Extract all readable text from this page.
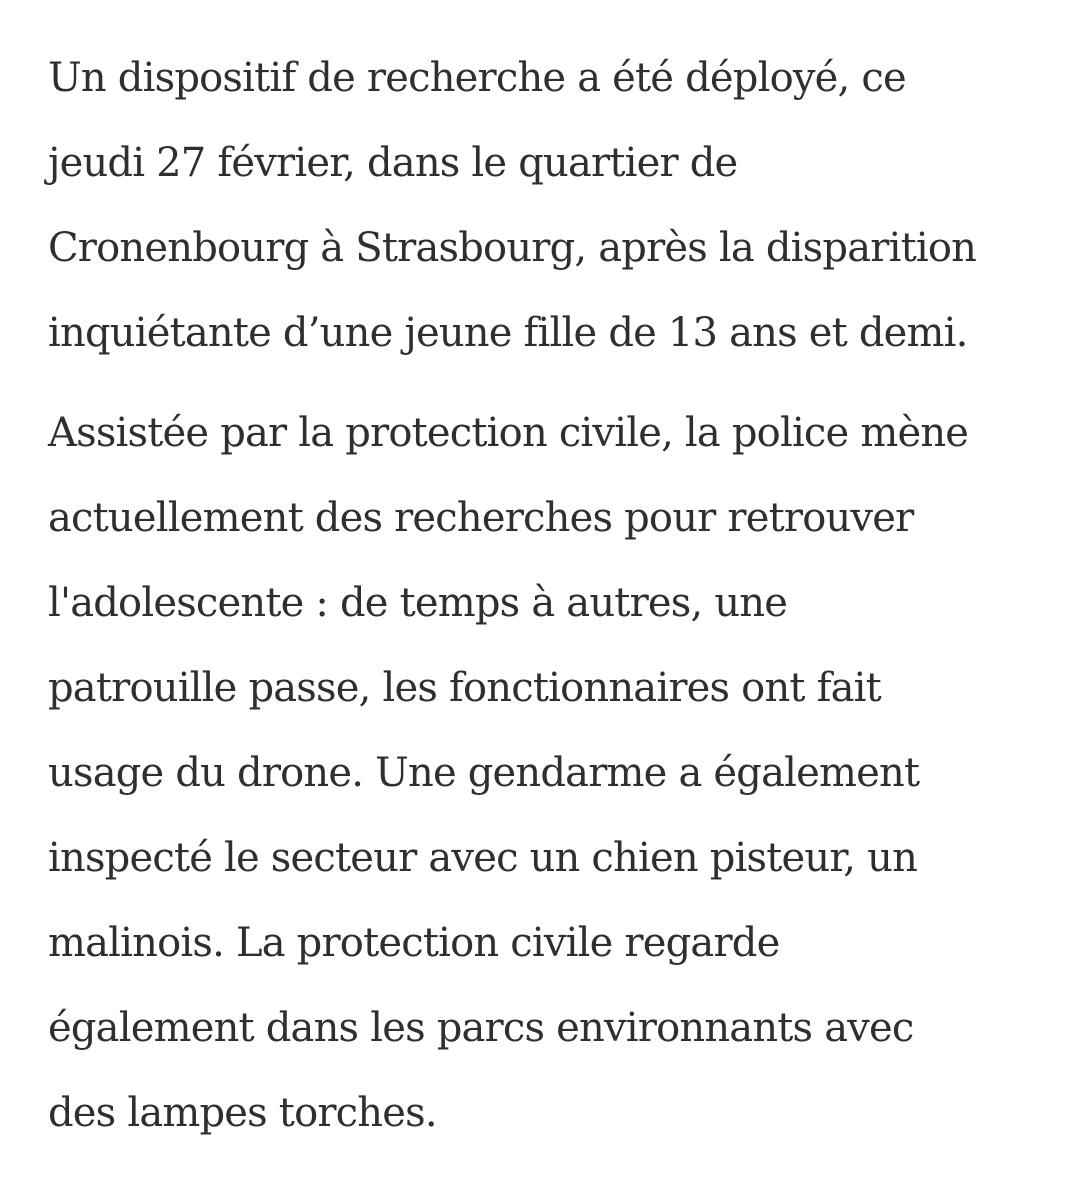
Un dispositif de recherche a été déployé, ce
jeudi 27 février, dans le quartier de
Cronenbourg à Strasbourg, après la disparition
inquiétante d’une jeune fille de 13 ans et demi.

Assistée par la protection civile, la police mène
actuellement des recherches pour retrouver
l'adolescente : de temps à autres, une
patrouille passe, les fonctionnaires ont fait
usage du drone. Une gendarme a également
inspecté le secteur avec un chien pisteur, un
malinois. La protection civile regarde
également dans les parcs environnants avec
des lampes torches.
